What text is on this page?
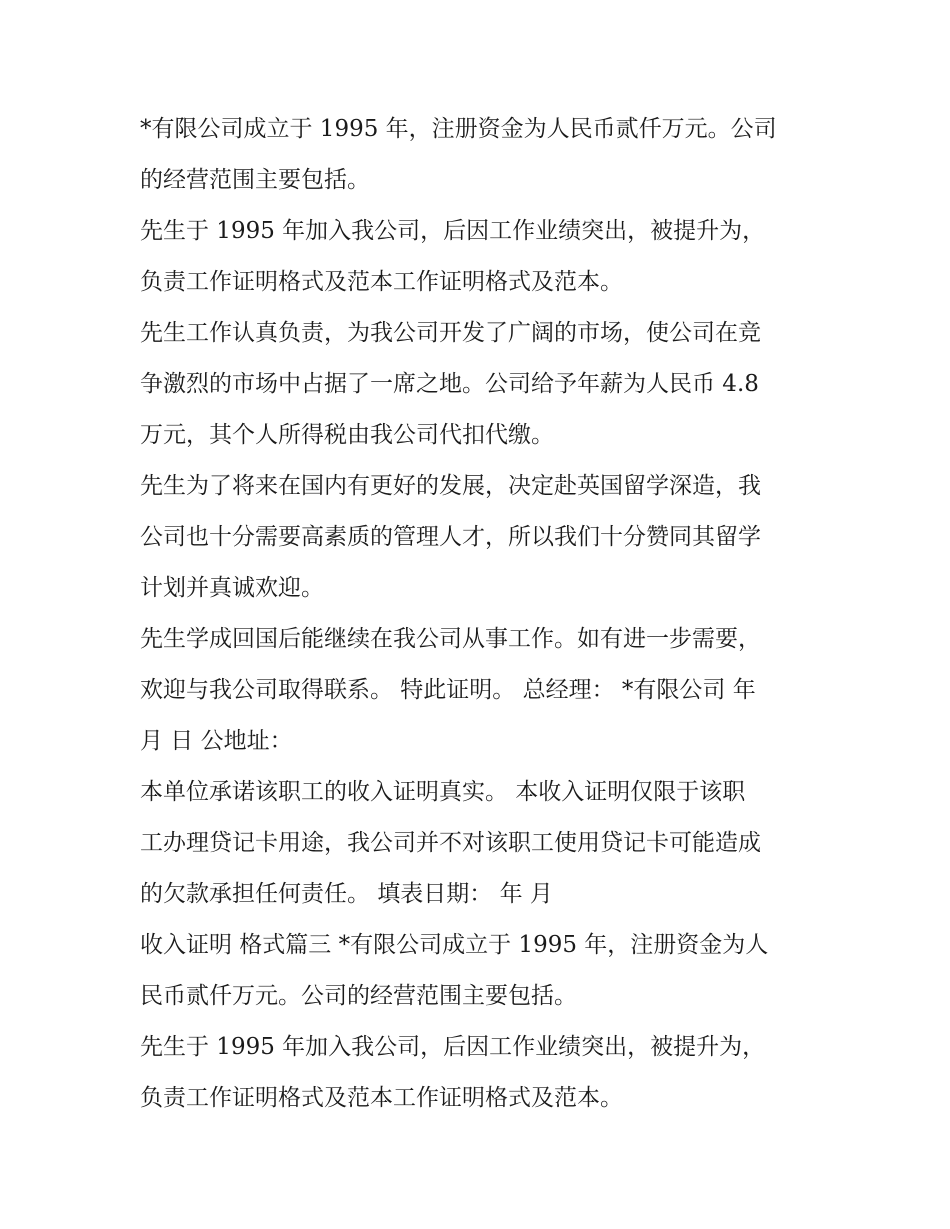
*有限公司成立于 1995 年，注册资金为人民币贰仟万元。公司
的经营范围主要包括。
先生于 1995 年加入我公司，后因工作业绩突出，被提升为，
负责工作证明格式及范本工作证明格式及范本。
先生工作认真负责，为我公司开发了广阔的市场，使公司在竞
争激烈的市场中占据了一席之地。公司给予年薪为人民币 4.8
万元，其个人所得税由我公司代扣代缴。
先生为了将来在国内有更好的发展，决定赴英国留学深造，我
公司也十分需要高素质的管理人才，所以我们十分赞同其留学
计划并真诚欢迎。
先生学成回国后能继续在我公司从事工作。如有进一步需要，
欢迎与我公司取得联系。 特此证明。 总经理： *有限公司 年
月 日 公地址：
本单位承诺该职工的收入证明真实。 本收入证明仅限于该职
工办理贷记卡用途，我公司并不对该职工使用贷记卡可能造成
的欠款承担任何责任。 填表日期： 年 月
收入证明 格式篇三 *有限公司成立于 1995 年，注册资金为人
民币贰仟万元。公司的经营范围主要包括。
先生于 1995 年加入我公司，后因工作业绩突出，被提升为，
负责工作证明格式及范本工作证明格式及范本。
